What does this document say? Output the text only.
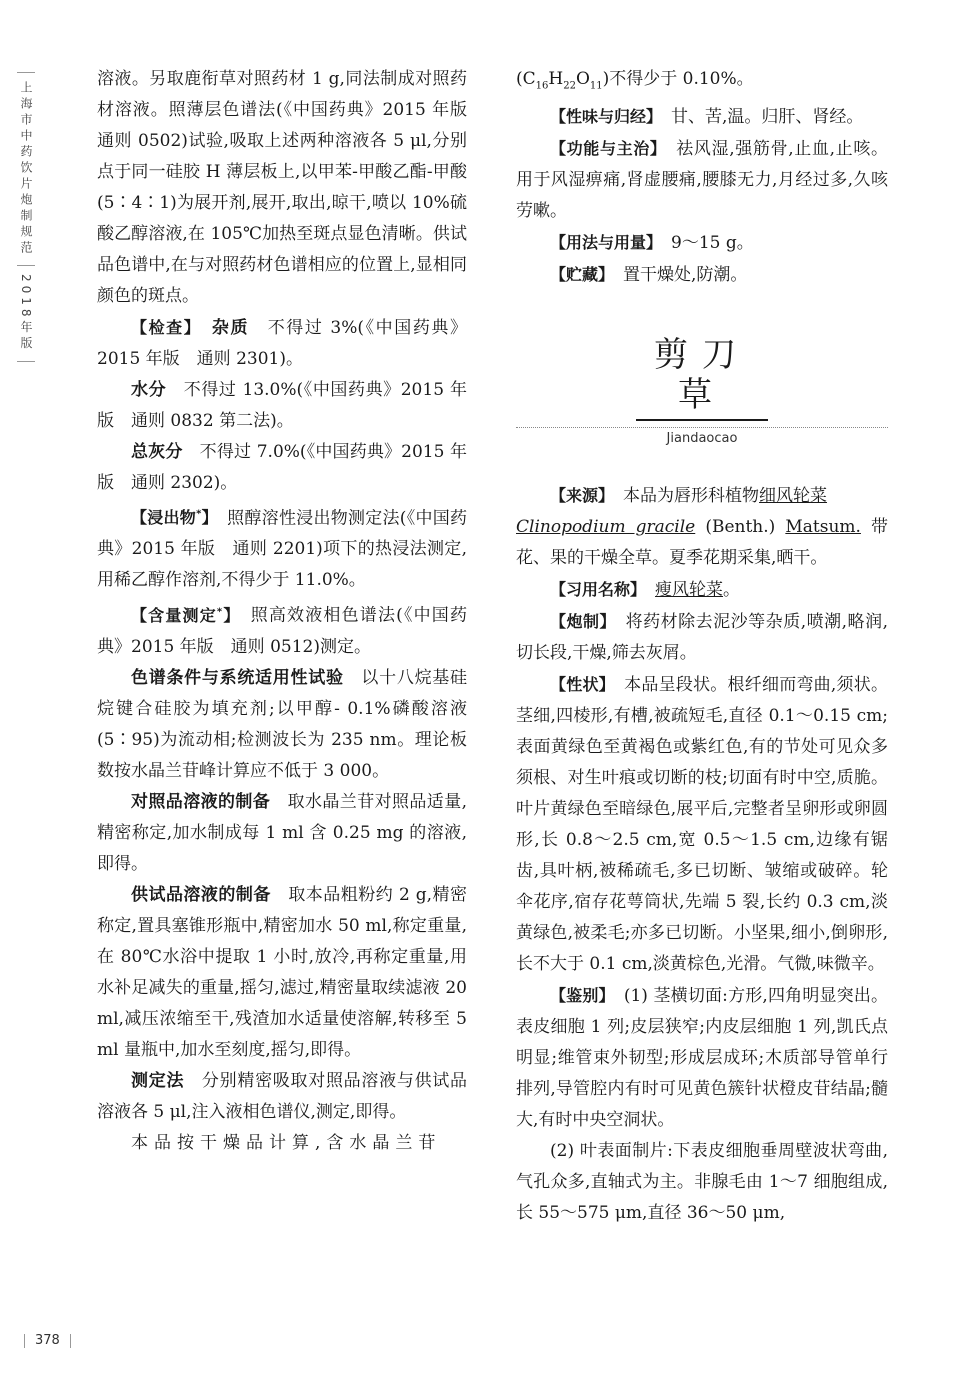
上海市中药饮片炮制规范
2018年版

溶液。另取鹿衔草对照药材 1 g,同法制成对照药材溶液。照薄层色谱法(《中国药典》2015 年版　通则 0502)试验,吸取上述两种溶液各 5 μl,分别点于同一硅胶 H 薄层板上,以甲苯-甲酸乙酯-甲酸(5∶4∶1)为展开剂,展开,取出,晾干,喷以 10%硫酸乙醇溶液,在 105℃加热至斑点显色清晰。供试品色谱中,在与对照药材色谱相应的位置上,显相同颜色的斑点。

【检查】　 杂质　 不得过 3%(《中国药典》2015 年版　通则 2301)。

水分　 不得过 13.0%(《中国药典》2015 年版　通则 0832 第二法)。

总灰分　 不得过 7.0%(《中国药典》2015 年版　通则 2302)。

【浸出物*】　 照醇溶性浸出物测定法(《中国药典》2015 年版　通则 2201)项下的热浸法测定,用稀乙醇作溶剂,不得少于 11.0%。

【含量测定*】　 照高效液相色谱法(《中国药典》2015 年版　通则 0512)测定。

色谱条件与系统适用性试验　 以十八烷基硅烷键合硅胶为填充剂;以甲醇- 0.1%磷酸溶液(5∶95)为流动相;检测波长为 235 nm。理论板数按水晶兰苷峰计算应不低于 3 000。

对照品溶液的制备　 取水晶兰苷对照品适量,精密称定,加水制成每 1 ml 含 0.25 mg 的溶液,即得。

供试品溶液的制备　 取本品粗粉约 2 g,精密称定,置具塞锥形瓶中,精密加水 50 ml,称定重量,在 80℃水浴中提取 1 小时,放冷,再称定重量,用水补足减失的重量,摇匀,滤过,精密量取续滤液 20 ml,减压浓缩至干,残渣加水适量使溶解,转移至 5 ml 量瓶中,加水至刻度,摇匀,即得。

测定法　 分别精密吸取对照品溶液与供试品溶液各 5 μl,注入液相色谱仪,测定,即得。

本品按干燥品计算,含水晶兰苷

$(C_{16}H_{22}O_{11})$不得少于 0.10%。

【性味与归经】　 甘、苦,温。归肝、肾经。

【功能与主治】　 祛风湿,强筋骨,止血,止咳。用于风湿痹痛,肾虚腰痛,腰膝无力,月经过多,久咳劳嗽。

【用法与用量】　 9～15 g。

【贮藏】　 置干燥处,防潮。

剪刀草
Jiandaocao

【来源】　 本品为唇形科植物细风轮菜
Clinopodium gracile (Benth.) Matsum. 带花、果的干燥全草。夏季花期采集,晒干。

【习用名称】　 瘦风轮菜。

【炮制】　 将药材除去泥沙等杂质,喷潮,略润,切长段,干燥,筛去灰屑。

【性状】　 本品呈段状。根纤细而弯曲,须状。茎细,四棱形,有槽,被疏短毛,直径 0.1～0.15 cm;表面黄绿色至黄褐色或紫红色,有的节处可见众多须根、对生叶痕或切断的枝;切面有时中空,质脆。叶片黄绿色至暗绿色,展平后,完整者呈卵形或卵圆形,长 0.8～2.5 cm,宽 0.5～1.5 cm,边缘有锯齿,具叶柄,被稀疏毛,多已切断、皱缩或破碎。轮伞花序,宿存花萼筒状,先端 5 裂,长约 0.3 cm,淡黄绿色,被柔毛;亦多已切断。小坚果,细小,倒卵形,长不大于 0.1 cm,淡黄棕色,光滑。气微,味微辛。

【鉴别】　 (1) 茎横切面:方形,四角明显突出。表皮细胞 1 列;皮层狭窄;内皮层细胞 1 列,凯氏点明显;维管束外韧型;形成层成环;木质部导管单行排列,导管腔内有时可见黄色簇针状橙皮苷结晶;髓大,有时中央空洞状。

(2) 叶表面制片:下表皮细胞垂周壁波状弯曲,气孔众多,直轴式为主。非腺毛由 1～7 细胞组成,长 55～575 μm,直径 36～50 μm,

378
